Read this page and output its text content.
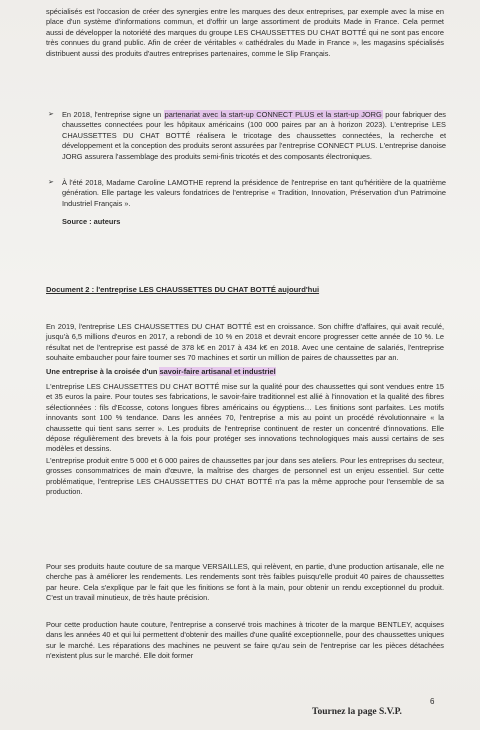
spécialisés est l'occasion de créer des synergies entre les marques des deux entreprises, par exemple avec la mise en place d'un système d'informations commun, et d'offrir un large assortiment de produits Made in France. Cela permet aussi de développer la notoriété des marques du groupe LES CHAUSSETTES DU CHAT BOTTÉ qui ne sont pas encore très connues du grand public. Afin de créer de véritables « cathédrales du Made in France », les magasins spécialisés distribuent aussi des produits d'autres entreprises partenaires, comme le Slip Français.

➢ En 2018, l'entreprise signe un partenariat avec la start-up CONNECT PLUS et la start-up JORG pour fabriquer des chaussettes connectées pour les hôpitaux américains (100 000 paires par an à horizon 2023). L'entreprise LES CHAUSSETTES DU CHAT BOTTÉ réalisera le tricotage des chaussettes connectées, la recherche et développement et la conception des produits seront assurées par l'entreprise CONNECT PLUS. L'entreprise danoise JORG assurera l'assemblage des produits semi-finis tricotés et des composants électroniques.

➢ À l'été 2018, Madame Caroline LAMOTHE reprend la présidence de l'entreprise en tant qu'héritière de la quatrième génération. Elle partage les valeurs fondatrices de l'entreprise « Tradition, Innovation, Préservation d'un Patrimoine Industriel Français ».

Source : auteurs
Document 2 : l'entreprise LES CHAUSSETTES DU CHAT BOTTÉ aujourd'hui

En 2019, l'entreprise LES CHAUSSETTES DU CHAT BOTTÉ est en croissance. Son chiffre d'affaires, qui avait reculé, jusqu'à 6,5 millions d'euros en 2017, a rebondi de 10 % en 2018 et devrait encore progresser cette année de 10 %. Le résultat net de l'entreprise est passé de 378 k€ en 2017 à 434 k€ en 2018. Avec une centaine de salariés, l'entreprise souhaite embaucher pour faire tourner ses 70 machines et sortir un million de paires de chaussettes par an.

Une entreprise à la croisée d'un savoir-faire artisanal et industriel

L'entreprise LES CHAUSSETTES DU CHAT BOTTÉ mise sur la qualité pour des chaussettes qui sont vendues entre 15 et 35 euros la paire. Pour toutes ses fabrications, le savoir-faire traditionnel est allié à l'innovation et la qualité des fibres sélectionnées : fils d'Ecosse, cotons longues fibres américains ou égyptiens… Les finitions sont parfaites. Les motifs innovants sont 100 % tendance. Dans les années 70, l'entreprise a mis au point un procédé révolutionnaire « la chaussette qui tient sans serrer ». Les produits de l'entreprise continuent de rester un concentré d'innovations. Elle dépose régulièrement des brevets à la fois pour protéger ses innovations technologiques mais aussi certains de ses modèles et dessins.

L'entreprise produit entre 5 000 et 6 000 paires de chaussettes par jour dans ses ateliers. Pour les entreprises du secteur, grosses consommatrices de main d'œuvre, la maîtrise des charges de personnel est un enjeu essentiel. Sur cette problématique, l'entreprise LES CHAUSSETTES DU CHAT BOTTÉ n'a pas la même approche pour l'ensemble de sa production.

Pour ses produits haute couture de sa marque VERSAILLES, qui relèvent, en partie, d'une production artisanale, elle ne cherche pas à améliorer les rendements. Les rendements sont très faibles puisqu'elle produit 40 paires de chaussettes par heure. Cela s'explique par le fait que les finitions se font à la main, pour obtenir un rendu exceptionnel du produit. C'est un travail minutieux, de très haute précision.

Pour cette production haute couture, l'entreprise a conservé trois machines à tricoter de la marque BENTLEY, acquises dans les années 40 et qui lui permettent d'obtenir des mailles d'une qualité exceptionnelle, pour des chaussettes uniques sur le marché. Les réparations des machines ne peuvent se faire qu'au sein de l'entreprise car les pièces détachées n'existent plus sur le marché. Elle doit former

6
Tournez la page S.V.P.
